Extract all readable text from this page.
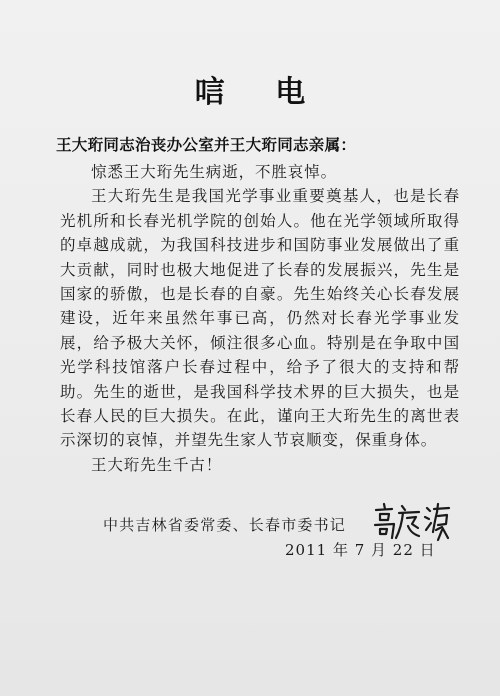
唁 电
王大珩同志治丧办公室并王大珩同志亲属：

惊悉王大珩先生病逝，不胜哀悼。

王大珩先生是我国光学事业重要奠基人，也是长春光机所和长春光机学院的创始人。他在光学领域所取得的卓越成就，为我国科技进步和国防事业发展做出了重大贡献，同时也极大地促进了长春的发展振兴，先生是国家的骄傲，也是长春的自豪。先生始终关心长春发展建设，近年来虽然年事已高，仍然对长春光学事业发展，给予极大关怀，倾注很多心血。特别是在争取中国光学科技馆落户长春过程中，给予了很大的支持和帮助。先生的逝世，是我国科学技术界的巨大损失，也是长春人民的巨大损失。在此，谨向王大珩先生的离世表示深切的哀悼，并望先生家人节哀顺变，保重身体。

王大珩先生千古！

中共吉林省委常委、长春市委书记
2011 年 7 月 22 日
